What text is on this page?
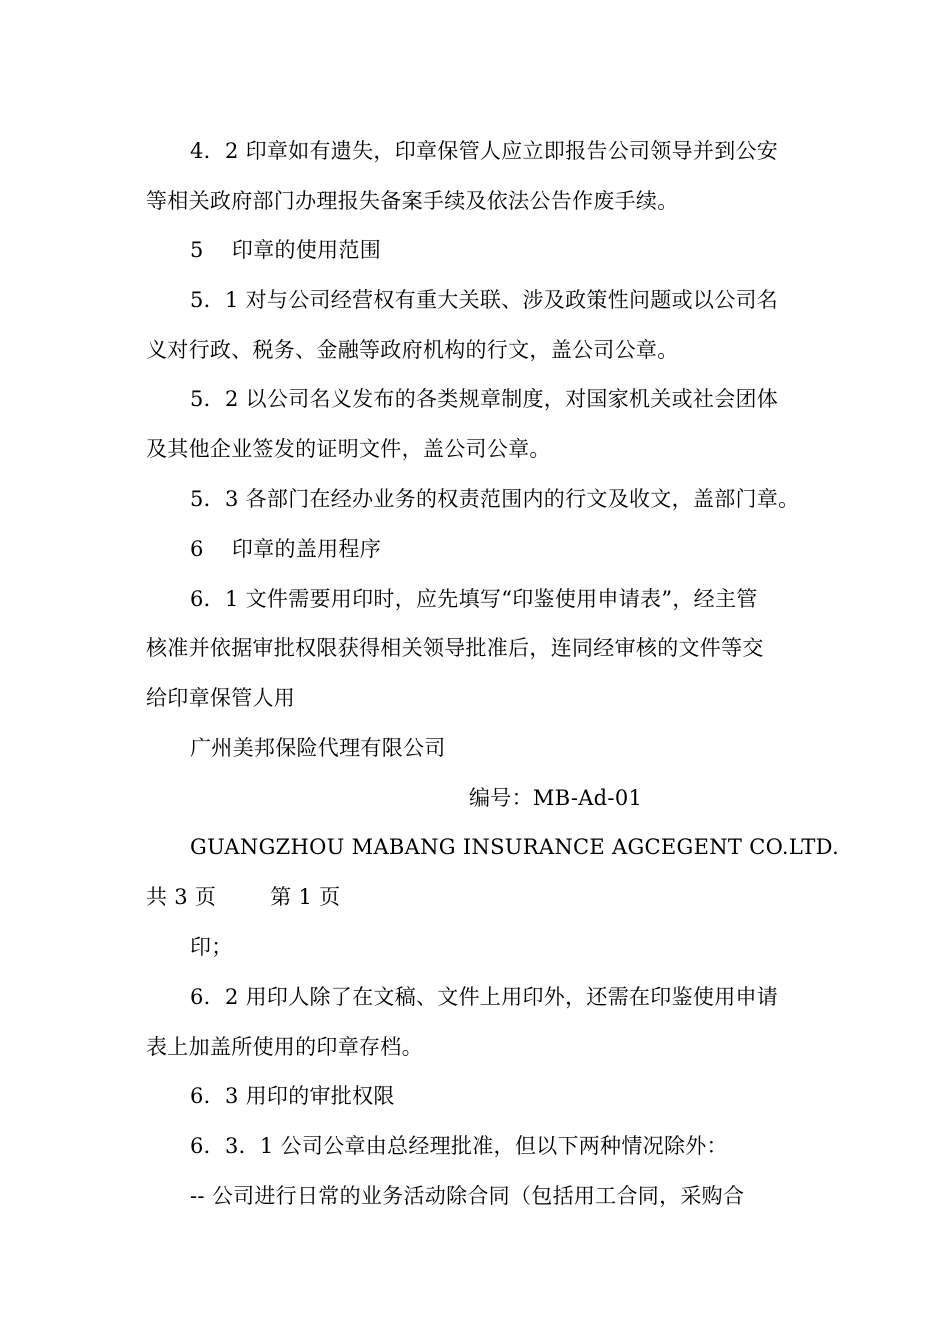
4．2 印章如有遗失，印章保管人应立即报告公司领导并到公安
等相关政府部门办理报失备案手续及依法公告作废手续。
5　 印章的使用范围
5．1 对与公司经营权有重大关联、涉及政策性问题或以公司名
义对行政、税务、金融等政府机构的行文，盖公司公章。
5．2 以公司名义发布的各类规章制度，对国家机关或社会团体
及其他企业签发的证明文件，盖公司公章。
5．3 各部门在经办业务的权责范围内的行文及收文，盖部门章。
6　 印章的盖用程序
6．1 文件需要用印时，应先填写“印鉴使用申请表”，经主管
核准并依据审批权限获得相关领导批准后，连同经审核的文件等交
给印章保管人用
广州美邦保险代理有限公司
编号：MB-Ad-01
GUANGZHOU MABANG INSURANCE AGCEGENT CO.LTD.
共 3 页	第 1 页
印；
6．2 用印人除了在文稿、文件上用印外，还需在印鉴使用申请
表上加盖所使用的印章存档。
6．3 用印的审批权限
6．3．1 公司公章由总经理批准，但以下两种情况除外：
-- 公司进行日常的业务活动除合同（包括用工合同，采购合
